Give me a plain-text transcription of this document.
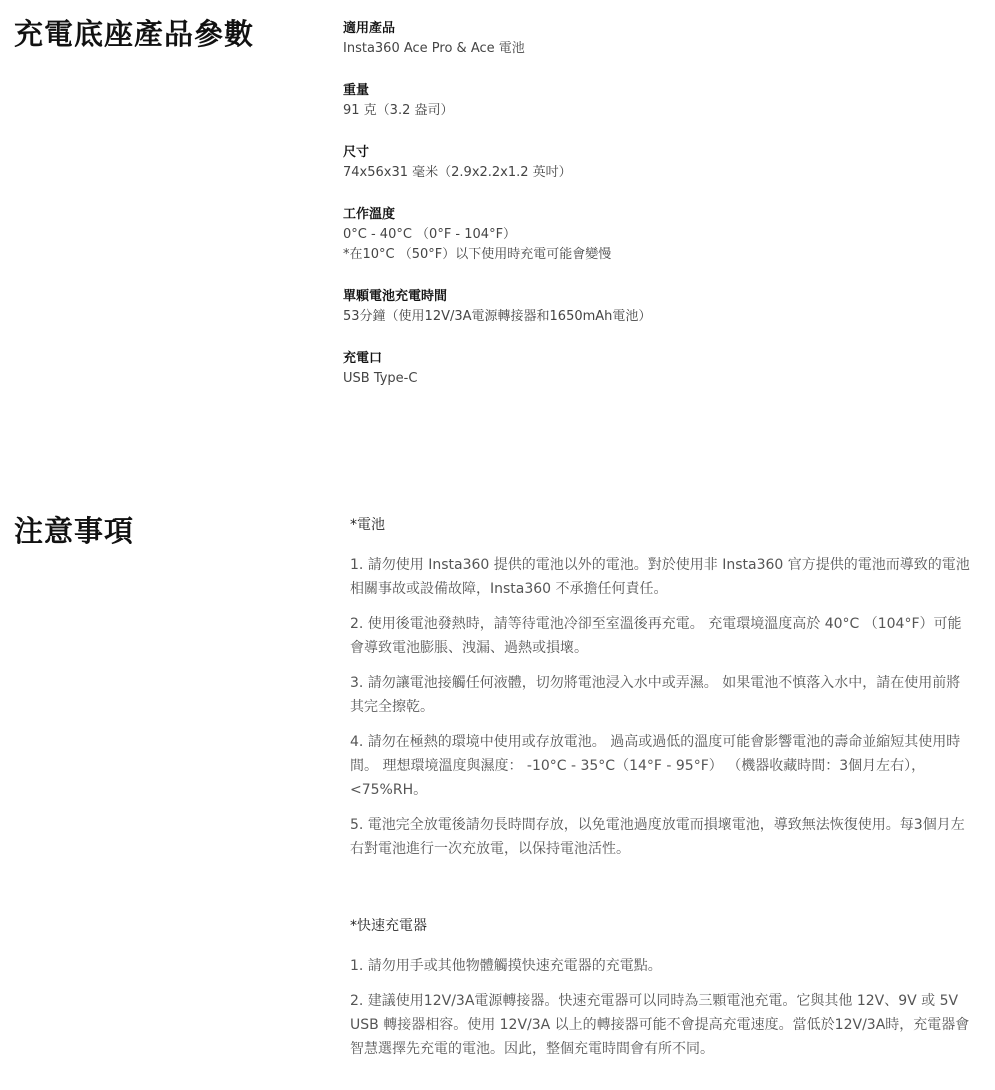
充電底座產品參數	適用產品
Insta360 Ace Pro & Ace 電池
重量
91 克（3.2 盎司）
尺寸
74x56x31 毫米（2.9x2.2x1.2 英吋）
工作溫度
0°C - 40°C （0°F - 104°F）
*在10°C （50°F）以下使用時充電可能會變慢
單顆電池充電時間
53分鐘（使用12V/3A電源轉接器和1650mAh電池）
充電口
USB Type-C
注意事項	*電池
1. 請勿使用 Insta360 提供的電池以外的電池。對於使用非 Insta360 官方提供的電池而導致的電池相關事故或設備故障，Insta360 不承擔任何責任。
2. 使用後電池發熱時，請等待電池冷卻至室溫後再充電。 充電環境溫度高於 40°C （104°F）可能會導致電池膨脹、洩漏、過熱或損壞。
3. 請勿讓電池接觸任何液體，切勿將電池浸入水中或弄濕。 如果電池不慎落入水中，請在使用前將其完全擦乾。
4. 請勿在極熱的環境中使用或存放電池。 過高或過低的溫度可能會影響電池的壽命並縮短其使用時間。 理想環境溫度與濕度： -10°C - 35°C（14°F - 95°F） （機器收藏時間：3個月左右），<75%RH。
5. 電池完全放電後請勿長時間存放，以免電池過度放電而損壞電池，導致無法恢復使用。每3個月左右對電池進行一次充放電，以保持電池活性。
*快速充電器
1. 請勿用手或其他物體觸摸快速充電器的充電點。
2. 建議使用12V/3A電源轉接器。快速充電器可以同時為三顆電池充電。它與其他 12V、9V 或 5V USB 轉接器相容。使用 12V/3A 以上的轉接器可能不會提高充電速度。當低於12V/3A時，充電器會智慧選擇先充電的電池。因此，整個充電時間會有所不同。
